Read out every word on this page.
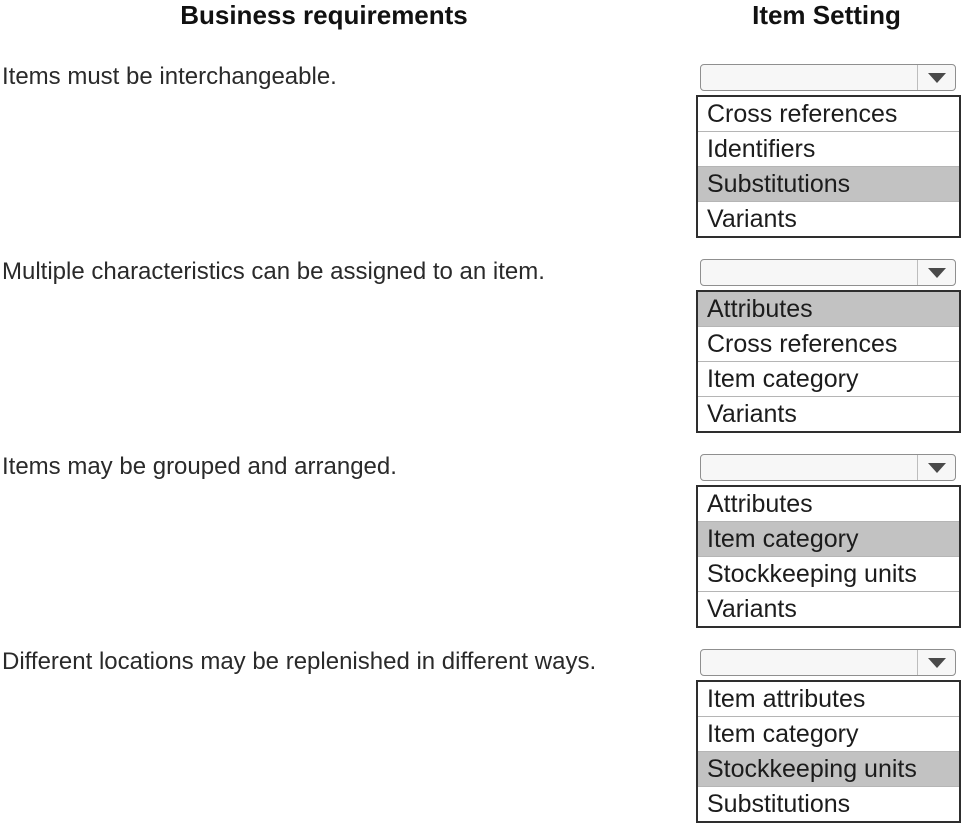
Business requirements	Item Setting
Items must be interchangeable.
Cross references
Identifiers
Substitutions
Variants
Multiple characteristics can be assigned to an item.
Attributes
Cross references
Item category
Variants
Items may be grouped and arranged.
Attributes
Item category
Stockkeeping units
Variants
Different locations may be replenished in different ways.
Item attributes
Item category
Stockkeeping units
Substitutions
